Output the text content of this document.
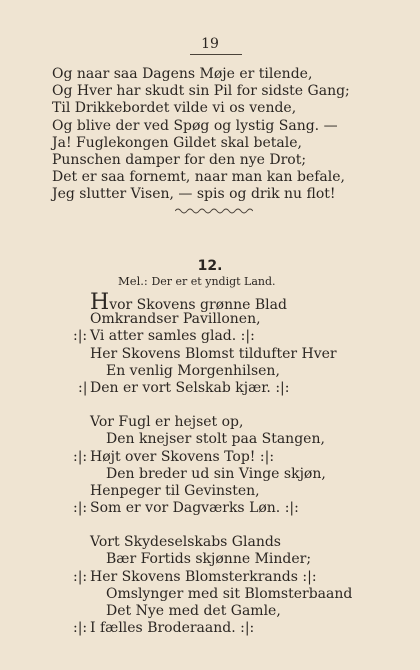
19
Og naar saa Dagens Møje er tilende,
Og Hver har skudt sin Pil for sidste Gang;
Til Drikkebordet vilde vi os vende,
Og blive der ved Spøg og lystig Sang. —
Ja! Fuglekongen Gildet skal betale,
Punschen damper for den nye Drot;
Det er saa fornemt, naar man kan befale,
Jeg slutter Visen, — spis og drik nu flot!
12.
Mel.: Der er et yndigt Land.
Hvor Skovens grønne Blad
Omkrandser Pavillonen,
:|: Vi atter samles glad. :|:
Her Skovens Blomst tildufter Hver
En venlig Morgenhilsen,
:| Den er vort Selskab kjær. :|:
Vor Fugl er hejset op,
Den knejser stolt paa Stangen,
:|: Højt over Skovens Top! :|:
Den breder ud sin Vinge skjøn,
Henpeger til Gevinsten,
:|: Som er vor Dagværks Løn. :|:
Vort Skydeselskabs Glands
Bær Fortids skjønne Minder;
:|: Her Skovens Blomsterkrands :|:
Omslynger med sit Blomsterbaand
Det Nye med det Gamle,
:|: I fælles Broderaand. :|:
